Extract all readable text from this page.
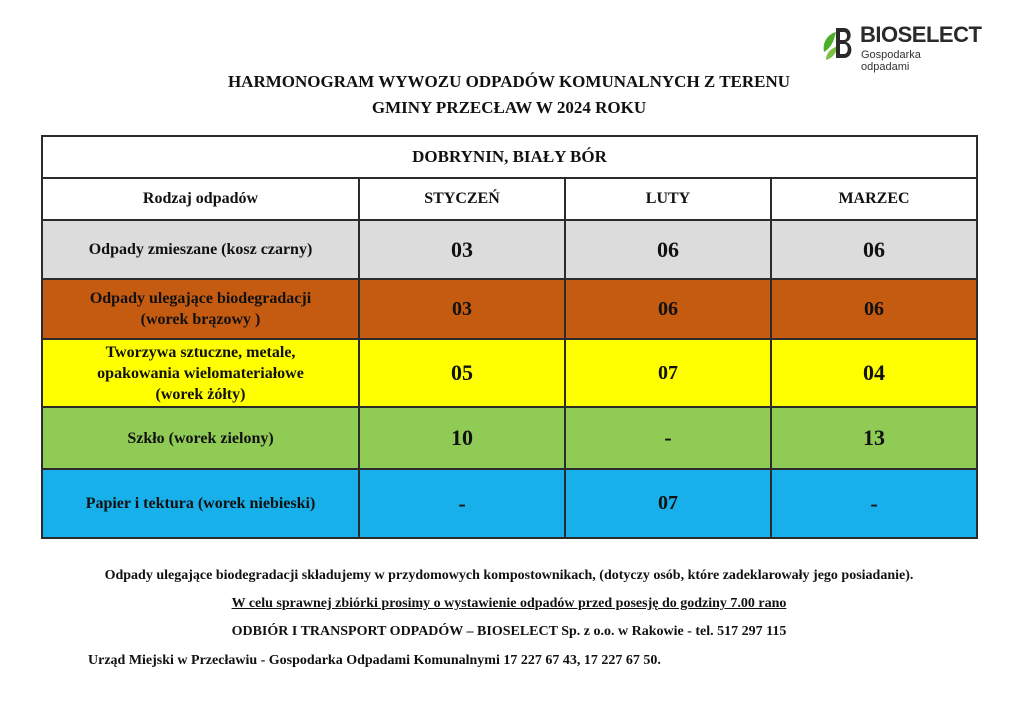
BIOSELECT
Gospodarka odpadami
HARMONOGRAM WYWOZU ODPADÓW KOMUNALNYCH Z TERENU
GMINY PRZECŁAW W 2024 ROKU
DOBRYNIN, BIAŁY BÓR			
Rodzaj odpadów	STYCZEŃ	LUTY	MARZEC

Odpady zmieszane (kosz czarny)	03	06	06

Odpady ulegające biodegradacji
(worek brązowy )	03	06	06

Tworzywa sztuczne, metale,
opakowania wielomateriałowe
(worek żółty)	05	07	04

Szkło (worek zielony)	10	-	13

Papier i tektura (worek niebieski)	-	07	-
Odpady ulegające biodegradacji składujemy w przydomowych kompostownikach, (dotyczy osób, które zadeklarowały jego posiadanie).
W celu sprawnej zbiórki prosimy o wystawienie odpadów przed posesję do godziny 7.00 rano
ODBIÓR I TRANSPORT ODPADÓW – BIOSELECT Sp. z o.o. w Rakowie - tel. 517 297 115
Urząd Miejski w Przecławiu - Gospodarka Odpadami Komunalnymi 17 227 67 43, 17 227 67 50.
